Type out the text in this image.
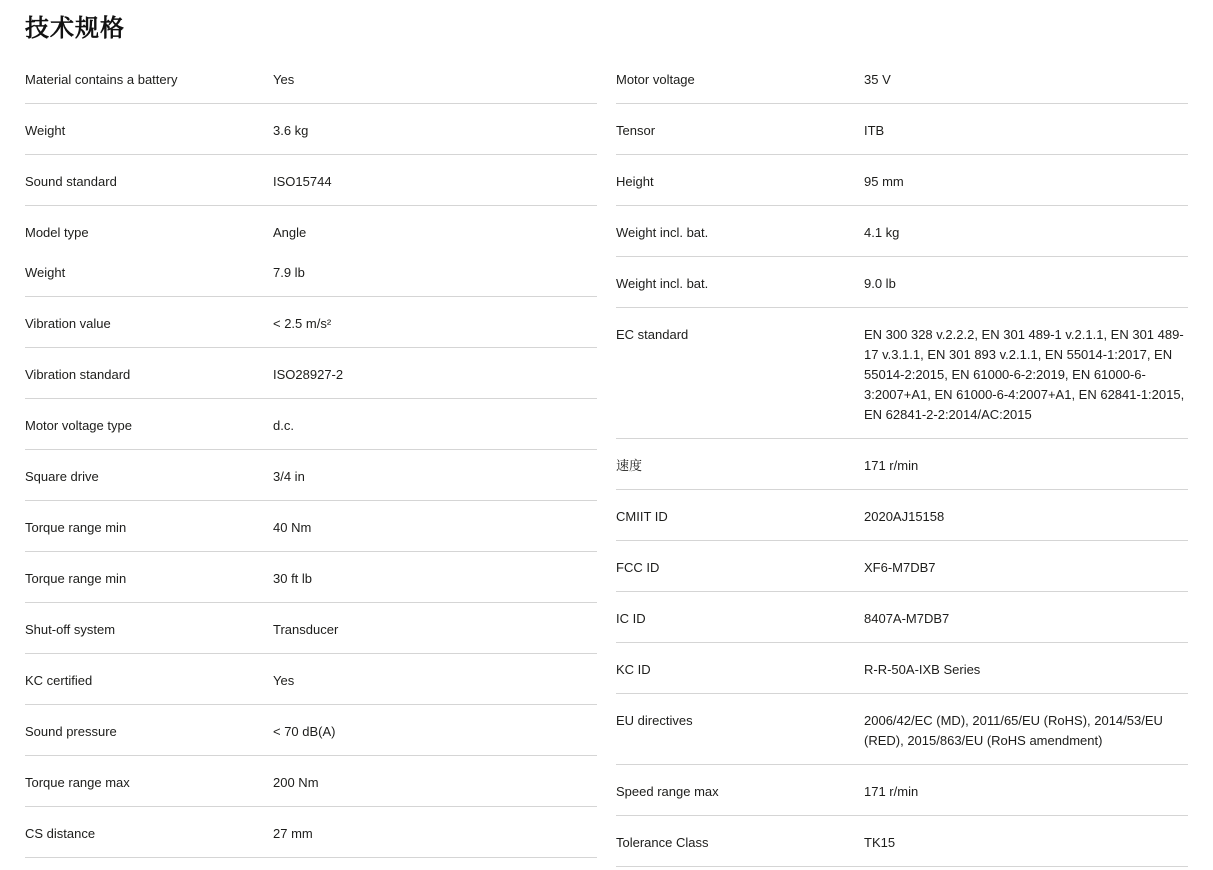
技术规格
Material contains a battery	Yes
Weight	3.6 kg
Sound standard	ISO15744
Model type	Angle
Weight	7.9 lb
Vibration value	< 2.5 m/s²
Vibration standard	ISO28927-2
Motor voltage type	d.c.
Square drive	3/4 in
Torque range min	40 Nm
Torque range min	30 ft lb
Shut-off system	Transducer
KC certified	Yes
Sound pressure	< 70 dB(A)
Torque range max	200 Nm
CS distance	27 mm
Motor voltage	35 V
Tensor	ITB
Height	95 mm
Weight incl. bat.	4.1 kg
Weight incl. bat.	9.0 lb
EC standard	EN 300 328 v.2.2.2, EN 301 489-1 v.2.1.1, EN 301 489-17 v.3.1.1, EN 301 893 v.2.1.1, EN 55014-1:2017, EN 55014-2:2015, EN 61000-6-2:2019, EN 61000-6-3:2007+A1, EN 61000-6-4:2007+A1, EN 62841-1:2015, EN 62841-2-2:2014/AC:2015
速度	171 r/min
CMIIT ID	2020AJ15158
FCC ID	XF6-M7DB7
IC ID	8407A-M7DB7
KC ID	R-R-50A-IXB Series
EU directives	2006/42/EC (MD), 2011/65/EU (RoHS), 2014/53/EU (RED), 2015/863/EU (RoHS amendment)
Speed range max	171 r/min
Tolerance Class	TK15
